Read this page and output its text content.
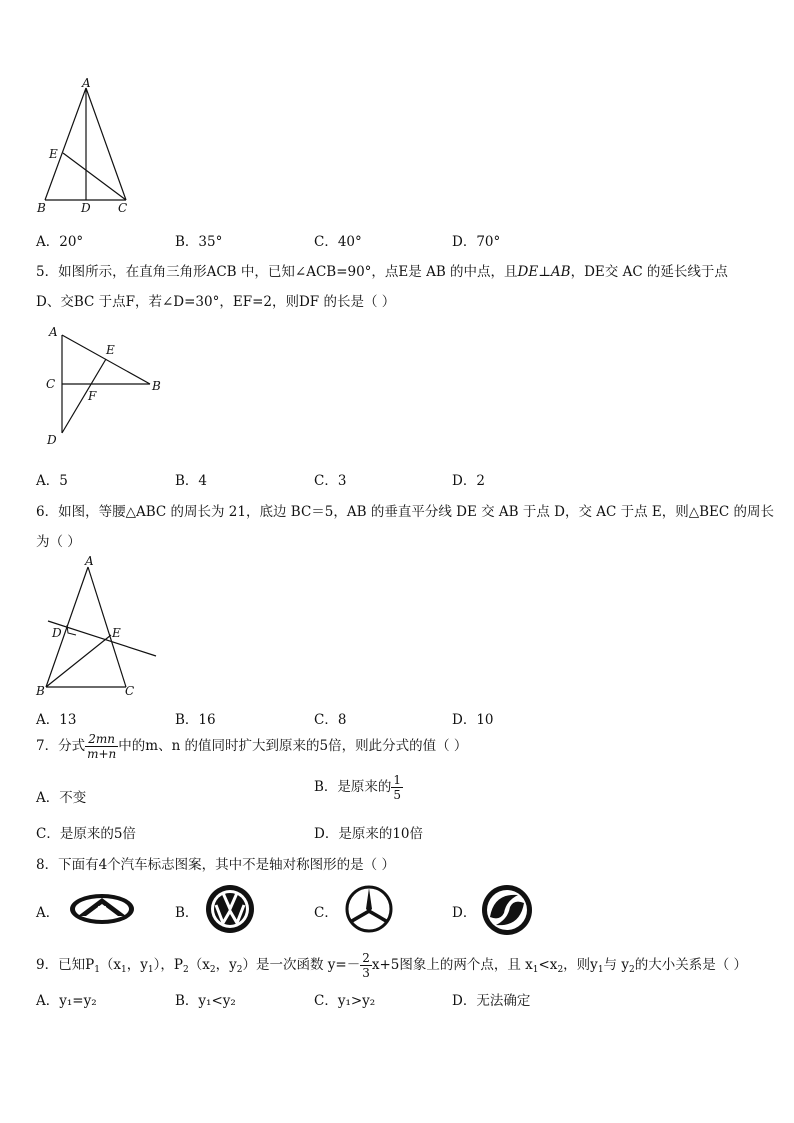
A
E
B	D C
A．20°	B．35°	C．40°	D．70°
5．如图所示，在直角三角形ACB 中，已知∠ACB=90°，点E是 AB 的中点，且DE⊥AB，DE交 AC 的延长线于点
D、交BC 于点F，若∠D=30°，EF=2，则DF 的长是（ ）
A
E
C	B
F
D
A．5	B．4	C．3	D．2
6．如图，等腰△ABC 的周长为 21，底边 BC＝5，AB 的垂直平分线 DE 交 AB 于点 D，交 AC 于点 E，则△BEC 的周长
为（ ）
A
D	E
B	C
A．13	B．16	C．8	D．10
7．分式 $\frac{2mn}{m+n}$ 中的m、n 的值同时扩大到原来的5倍，则此分式的值（ ）
A．不变
B．是原来的 $\frac{1}{5}$
C．是原来的5倍	D．是原来的10倍
8．下面有4个汽车标志图案，其中不是轴对称图形的是（ ）
A．	B．	C．	D．
9．已知$P_1(x_1$，$y_1$），$P_2(x_2$，$y_2$）是一次函数 $y=- \frac{2}{3} x+5$图象上的两个点，且 $x_1<x_2$，则$y_1$与 $y_2$的大小关系是（ ）
A．y₁=y₂	B．y₁<y₂	C．y₁>y₂	D．无法确定
